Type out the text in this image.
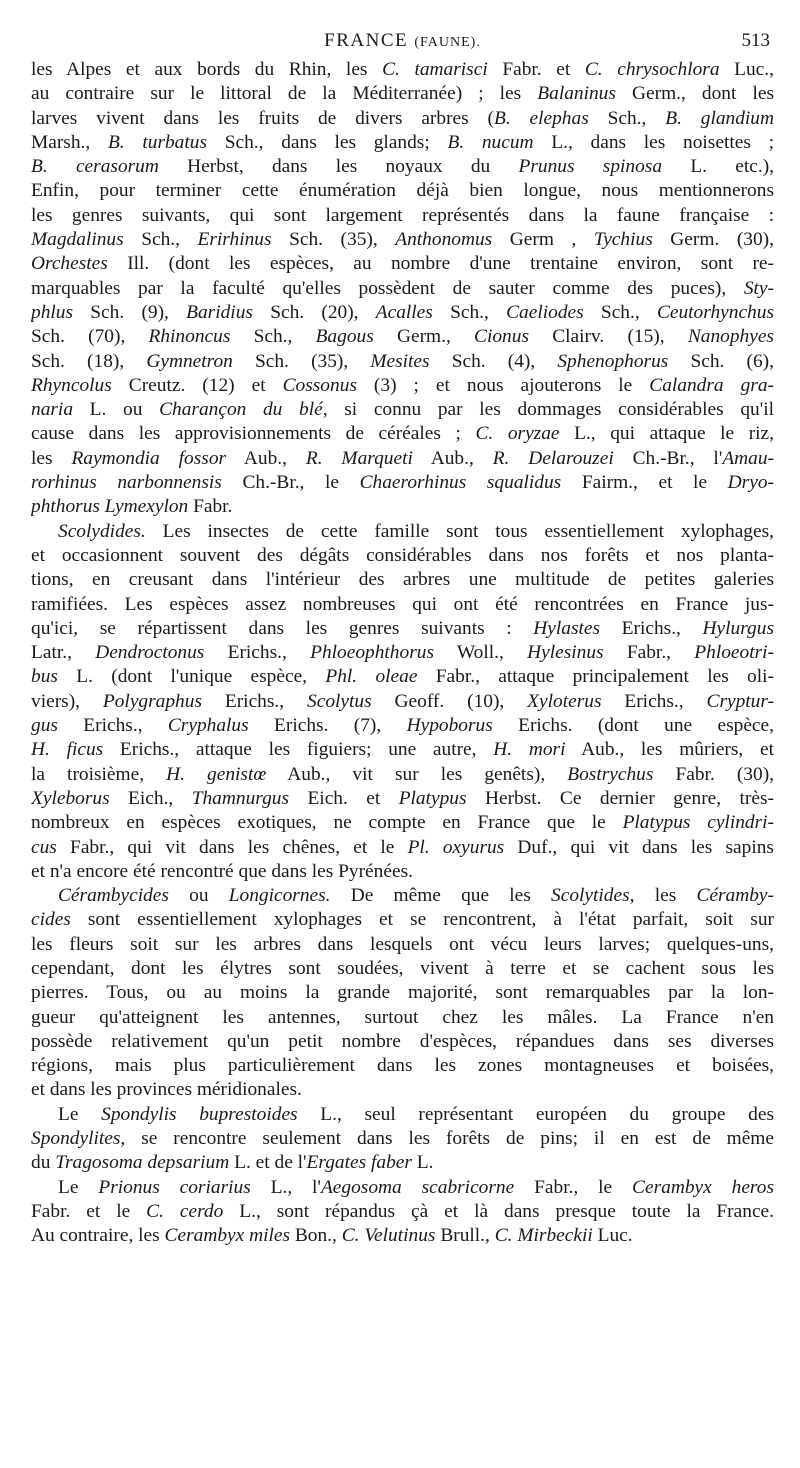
FRANCE (FAUNE).	513
les Alpes et aux bords du Rhin, les C. tamarisci Fabr. et C. chrysochlora Luc.,
au contraire sur le littoral de la Méditerranée) ; les Balaninus Germ., dont les
larves vivent dans les fruits de divers arbres (B. elephas Sch., B. glandium
Marsh., B. turbatus Sch., dans les glands; B. nucum L., dans les noisettes ;
B. cerasorum Herbst, dans les noyaux du Prunus spinosa L. etc.),
Enfin, pour terminer cette énumération déjà bien longue, nous mentionnerons
les genres suivants, qui sont largement représentés dans la faune française :
Magdalinus Sch., Erirhinus Sch. (35), Anthonomus Germ , Tychius Germ. (30),
Orchestes Ill. (dont les espèces, au nombre d'une trentaine environ, sont re-
marquables par la faculté qu'elles possèdent de sauter comme des puces), Sty-
phlus Sch. (9), Baridius Sch. (20), Acalles Sch., Caeliodes Sch., Ceutorhynchus
Sch. (70), Rhinoncus Sch., Bagous Germ., Cionus Clairv. (15), Nanophyes
Sch. (18), Gymnetron Sch. (35), Mesites Sch. (4), Sphenophorus Sch. (6),
Rhyncolus Creutz. (12) et Cossonus (3) ; et nous ajouterons le Calandra gra-
naria L. ou Charançon du blé, si connu par les dommages considérables qu'il
cause dans les approvisionnements de céréales ; C. oryzae L., qui attaque le riz,
les Raymondia fossor Aub., R. Marqueti Aub., R. Delarouzei Ch.-Br., l'Amau-
rorhinus narbonnensis Ch.-Br., le Chaerorhinus squalidus Fairm., et le Dryo-
phthorus Lymexylon Fabr.
Scolydides. Les insectes de cette famille sont tous essentiellement xylophages,
et occasionnent souvent des dégâts considérables dans nos forêts et nos planta-
tions, en creusant dans l'intérieur des arbres une multitude de petites galeries
ramifiées. Les espèces assez nombreuses qui ont été rencontrées en France jus-
qu'ici, se répartissent dans les genres suivants : Hylastes Erichs., Hylurgus
Latr., Dendroctonus Erichs., Phloeophthorus Woll., Hylesinus Fabr., Phloeotri-
bus L. (dont l'unique espèce, Phl. oleae Fabr., attaque principalement les oli-
viers), Polygraphus Erichs., Scolytus Geoff. (10), Xyloterus Erichs., Cryptur-
gus Erichs., Cryphalus Erichs. (7), Hypoborus Erichs. (dont une espèce,
H. ficus Erichs., attaque les figuiers; une autre, H. mori Aub., les mûriers, et
la troisième, H. genistœ Aub., vit sur les genêts), Bostrychus Fabr. (30),
Xyleborus Eich., Thamnurgus Eich. et Platypus Herbst. Ce dernier genre, très-
nombreux en espèces exotiques, ne compte en France que le Platypus cylindri-
cus Fabr., qui vit dans les chênes, et le Pl. oxyurus Duf., qui vit dans les sapins
et n'a encore été rencontré que dans les Pyrénées.
Cérambycides ou Longicornes. De même que les Scolytides, les Céramby-
cides sont essentiellement xylophages et se rencontrent, à l'état parfait, soit sur
les fleurs soit sur les arbres dans lesquels ont vécu leurs larves; quelques-uns,
cependant, dont les élytres sont soudées, vivent à terre et se cachent sous les
pierres. Tous, ou au moins la grande majorité, sont remarquables par la lon-
gueur qu'atteignent les antennes, surtout chez les mâles. La France n'en
possède relativement qu'un petit nombre d'espèces, répandues dans ses diverses
régions, mais plus particulièrement dans les zones montagneuses et boisées,
et dans les provinces méridionales.
Le Spondylis buprestoides L., seul représentant européen du groupe des
Spondylites, se rencontre seulement dans les forêts de pins; il en est de même
du Tragosoma depsarium L. et de l'Ergates faber L.
Le Prionus coriarius L., l'Aegosoma scabricorne Fabr., le Cerambyx heros
Fabr. et le C. cerdo L., sont répandus çà et là dans presque toute la France.
Au contraire, les Cerambyx miles Bon., C. Velutinus Brull., C. Mirbeckii Luc.
